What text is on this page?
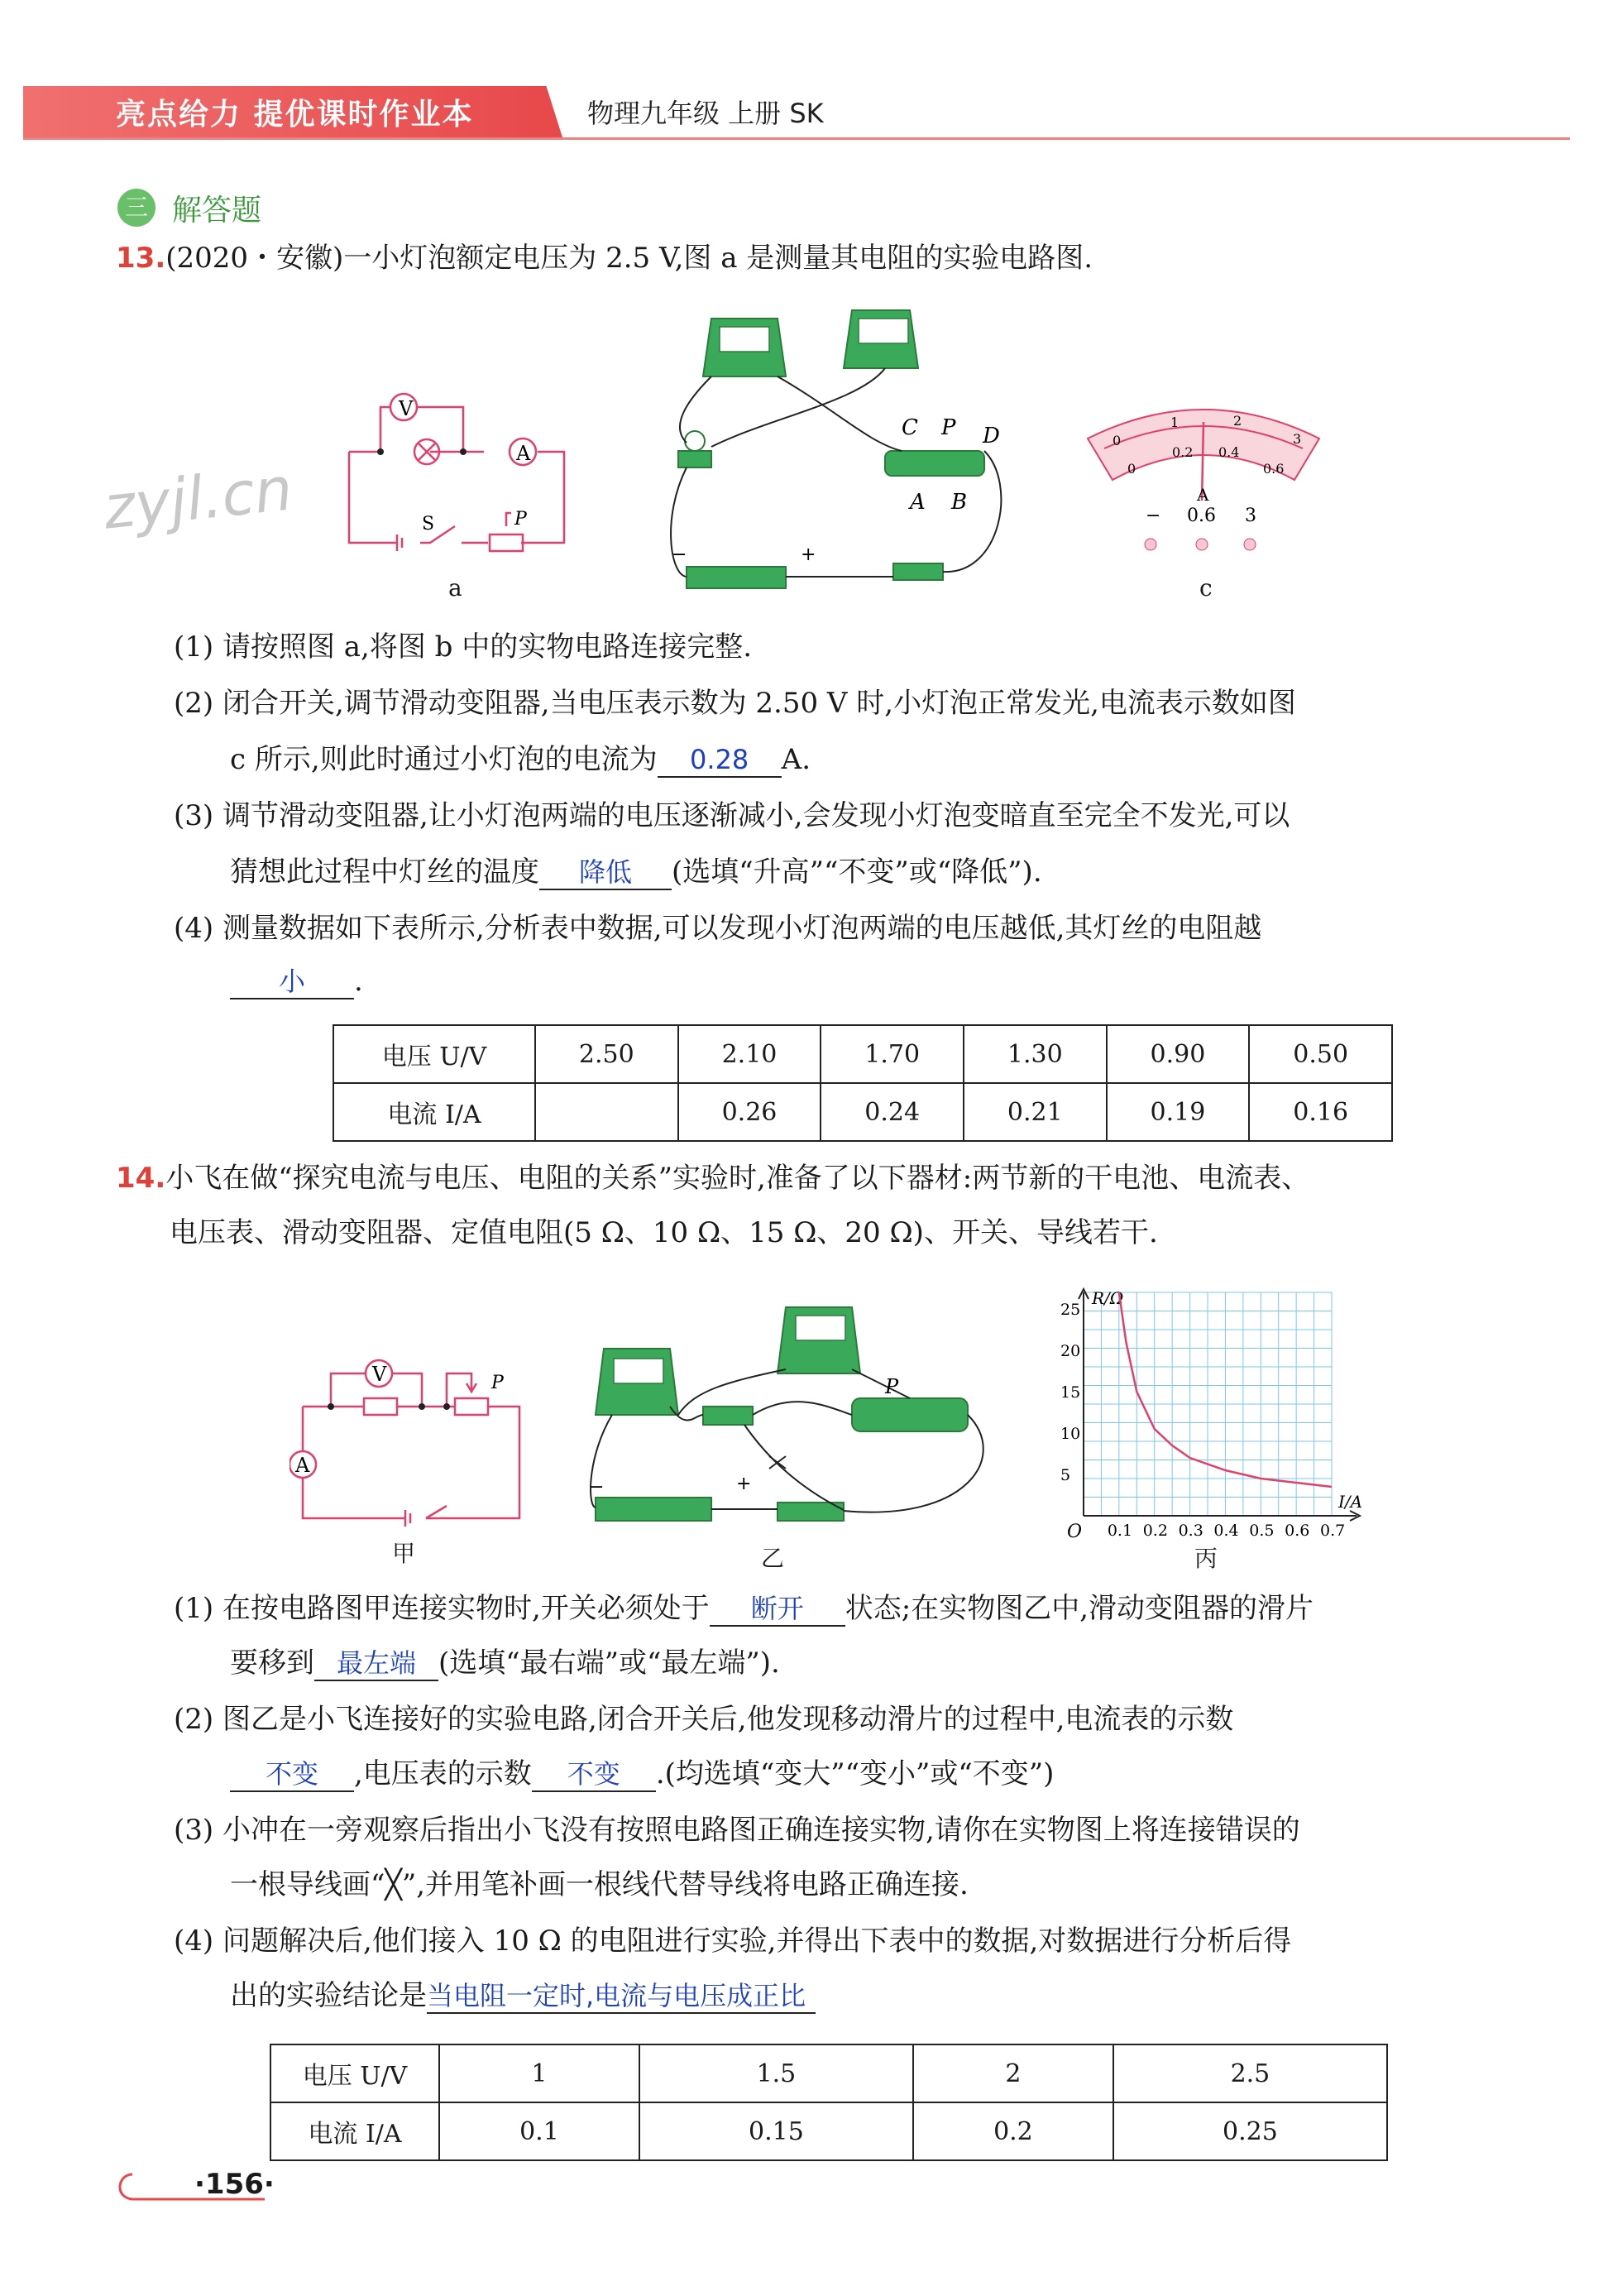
亮点给力 提优课时作业本	物理九年级 上册 SK
zyjl.cn
三 解答题
13.(2020・安徽)一小灯泡额定电压为 2.5 V,图 a 是测量其电阻的实验电路图.
V
A
S	P
a
C P D
A B
+
−
0
1	2
3
0
0.2 0.4
0.6
A
− 0.6 3
c
(1) 请按照图 a,将图 b 中的实物电路连接完整.
(2) 闭合开关,调节滑动变阻器,当电压表示数为 2.50 V 时,小灯泡正常发光,电流表示数如图
c 所示,则此时通过小灯泡的电流为 0.28 A.
(3) 调节滑动变阻器,让小灯泡两端的电压逐渐减小,会发现小灯泡变暗直至完全不发光,可以
猜想此过程中灯丝的温度 降低 (选填“升高”“不变”或“降低”).
(4) 测量数据如下表所示,分析表中数据,可以发现小灯泡两端的电压越低,其灯丝的电阻越
小 .
电压 U/V	2.50	2.10	1.70	1.30	0.90	0.50
电流 I/A		0.26	0.24	0.21	0.19	0.16
14.小飞在做“探究电流与电压、电阻的关系”实验时,准备了以下器材:两节新的干电池、电流表、
电压表、滑动变阻器、定值电阻(5 Ω、10 Ω、15 Ω、20 Ω)、开关、导线若干.
V	P
A
甲
P
+
−
乙
O
R/Ω
I/A
0.1 0.2 0.3 0.4 0.5 0.6 0.7
5
10
15
20
25
丙
(1) 在按电路图甲连接实物时,开关必须处于 断开 状态;在实物图乙中,滑动变阻器的滑片
要移到 最左端 (选填“最右端”或“最左端”).
(2) 图乙是小飞连接好的实验电路,闭合开关后,他发现移动滑片的过程中,电流表的示数
不变 ,电压表的示数 不变 .(均选填“变大”“变小”或“不变”)
(3) 小冲在一旁观察后指出小飞没有按照电路图正确连接实物,请你在实物图上将连接错误的
一根导线画“╳”,并用笔补画一根线代替导线将电路正确连接.
(4) 问题解决后,他们接入 10 Ω 的电阻进行实验,并得出下表中的数据,对数据进行分析后得
出的实验结论是当电阻一定时,电流与电压成正比
电压 U/V	1	1.5	2	2.5
电流 I/A	0.1	0.15	0.2	0.25
·156·
